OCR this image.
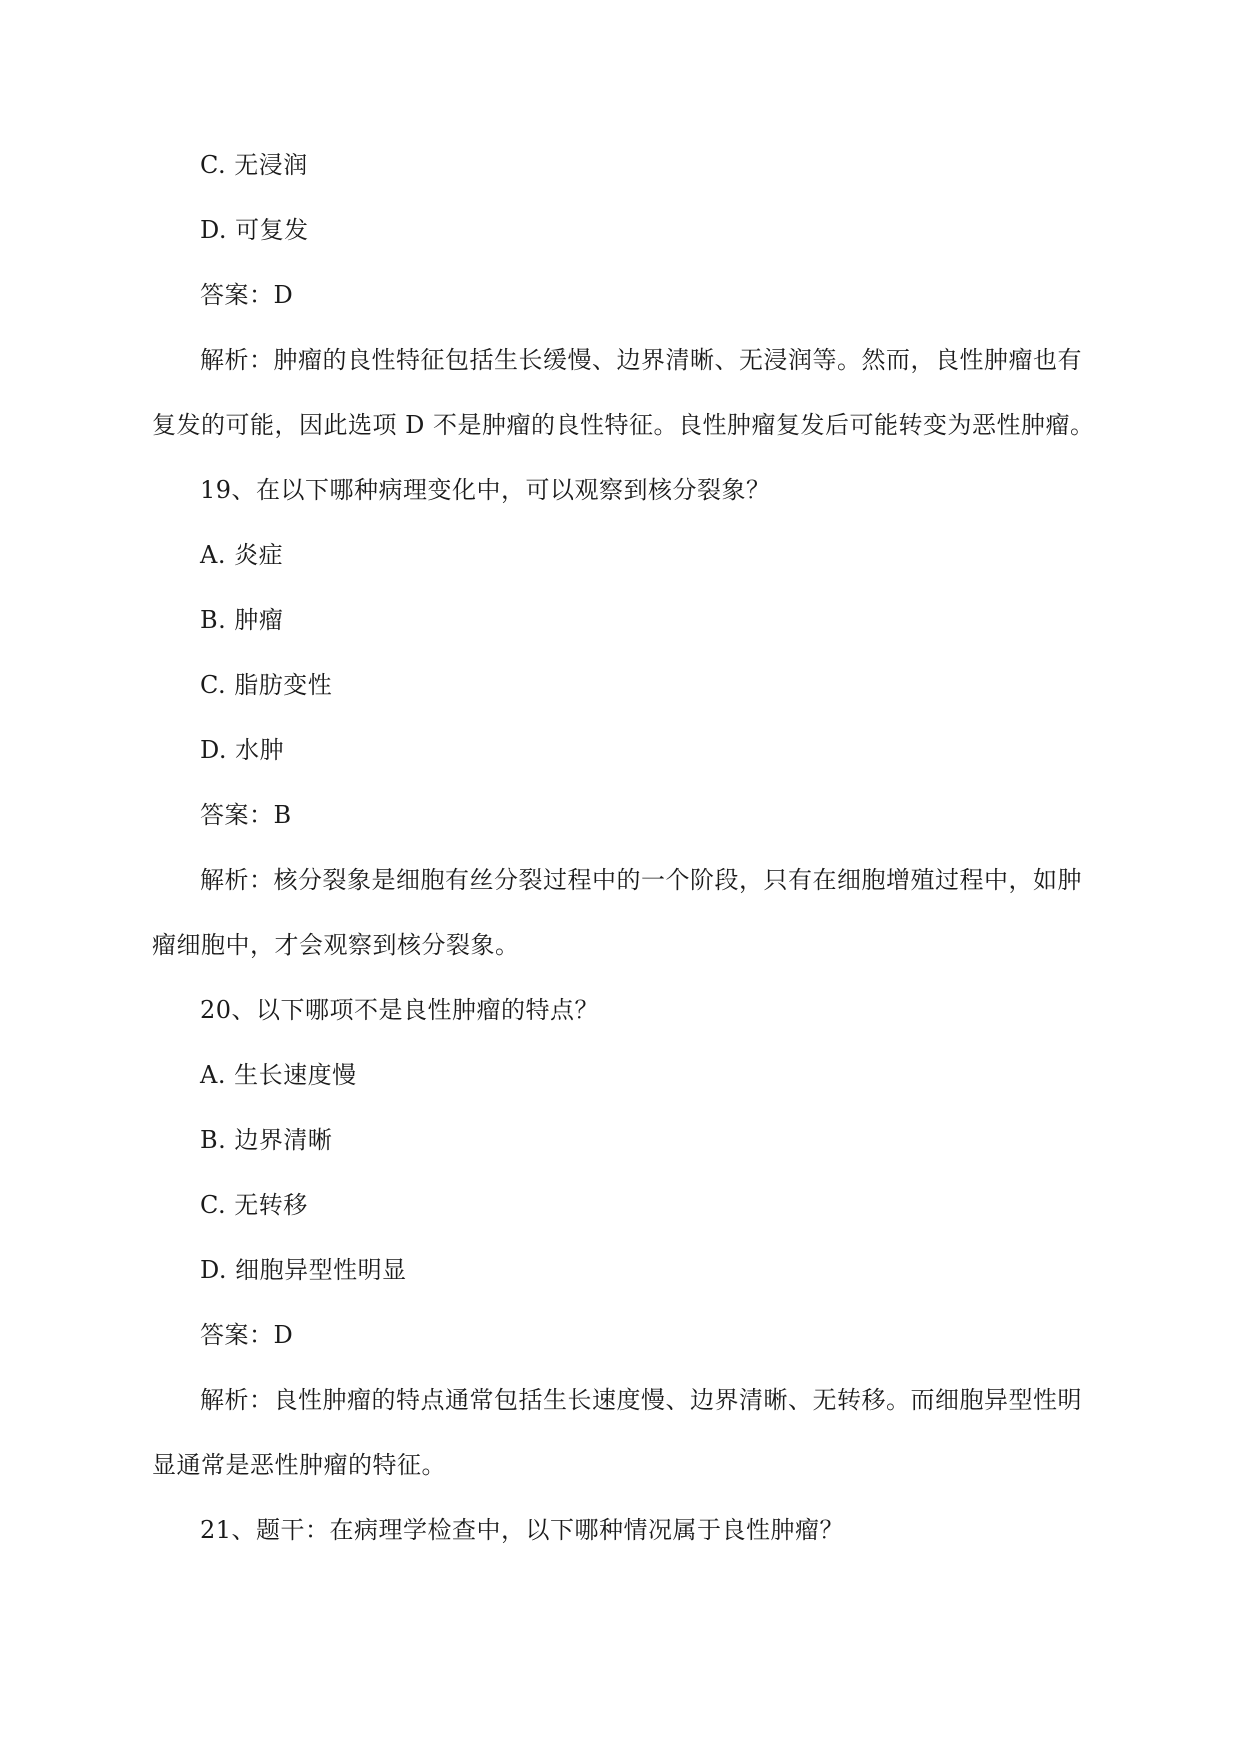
C. 无浸润
D. 可复发
答案：D
解析：肿瘤的良性特征包括生长缓慢、边界清晰、无浸润等。然而，良性肿瘤也有
复发的可能，因此选项 D 不是肿瘤的良性特征。良性肿瘤复发后可能转变为恶性肿瘤。
19、在以下哪种病理变化中，可以观察到核分裂象？
A. 炎症
B. 肿瘤
C. 脂肪变性
D. 水肿
答案：B
解析：核分裂象是细胞有丝分裂过程中的一个阶段，只有在细胞增殖过程中，如肿
瘤细胞中，才会观察到核分裂象。
20、以下哪项不是良性肿瘤的特点？
A. 生长速度慢
B. 边界清晰
C. 无转移
D. 细胞异型性明显
答案：D
解析：良性肿瘤的特点通常包括生长速度慢、边界清晰、无转移。而细胞异型性明
显通常是恶性肿瘤的特征。
21、题干：在病理学检查中，以下哪种情况属于良性肿瘤？
